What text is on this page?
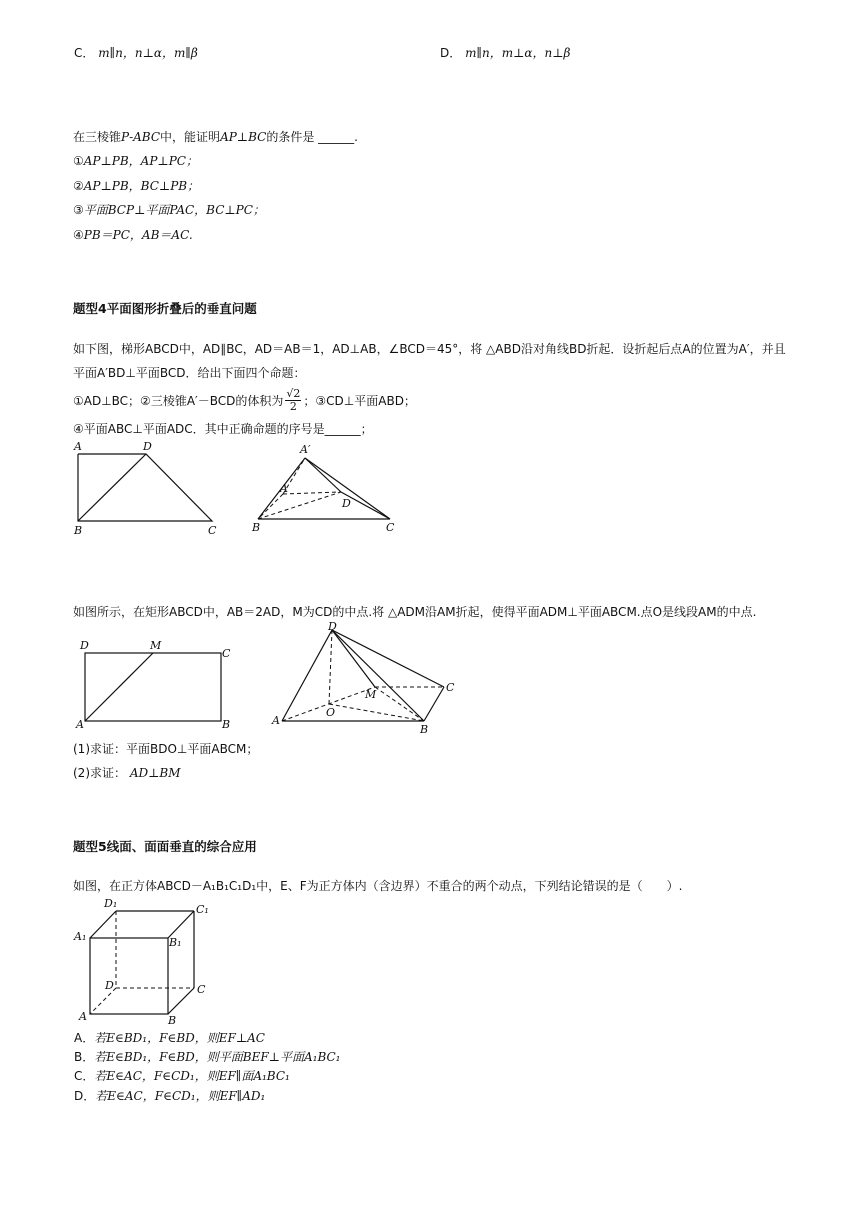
C． m∥n，n⊥α，m∥β	D． m∥n，m⊥α，n⊥β
在三棱锥P‑ABC中，能证明AP⊥BC的条件是 ______.
①AP⊥PB，AP⊥PC；
②AP⊥PB，BC⊥PB；
③平面BCP⊥平面PAC，BC⊥PC；
④PB＝PC，AB＝AC.
题型4平面图形折叠后的垂直问题
如下图，梯形ABCD中，AD∥BC，AD＝AB＝1，AD⊥AB，∠BCD＝45°，将 △ABD沿对角线BD折起．设折起后点A的位置为A′，并且
平面A′BD⊥平面BCD．给出下面四个命题：
①AD⊥BC；②三棱锥A′－BCD的体积为 $\frac{√2}{2}$ ；③CD⊥平面ABD；
④平面ABC⊥平面ADC．其中正确命题的序号是______；
A	D
B	C
A′
A
D
B	C
如图所示，在矩形ABCD中，AB＝2AD，M为CD的中点.将 △ADM沿AM折起，使得平面ADM⊥平面ABCM.点O是线段AM的中点.
D	M
C
A	B
D
M
C
A
O
B
(1)求证：平面BDO⊥平面ABCM；
(2)求证： AD⊥BM
题型5线面、面面垂直的综合应用
如图，在正方体ABCD－A₁B₁C₁D₁中，E、F为正方体内（含边界）不重合的两个动点，下列结论错误的是（　　）.
D₁	C₁
A₁	B₁
D	C
A	B
A．若E∈BD₁，F∈BD，则EF⊥AC
B．若E∈BD₁，F∈BD，则平面BEF⊥平面A₁BC₁
C．若E∈AC，F∈CD₁，则EF∥面A₁BC₁
D．若E∈AC，F∈CD₁，则EF∥AD₁
